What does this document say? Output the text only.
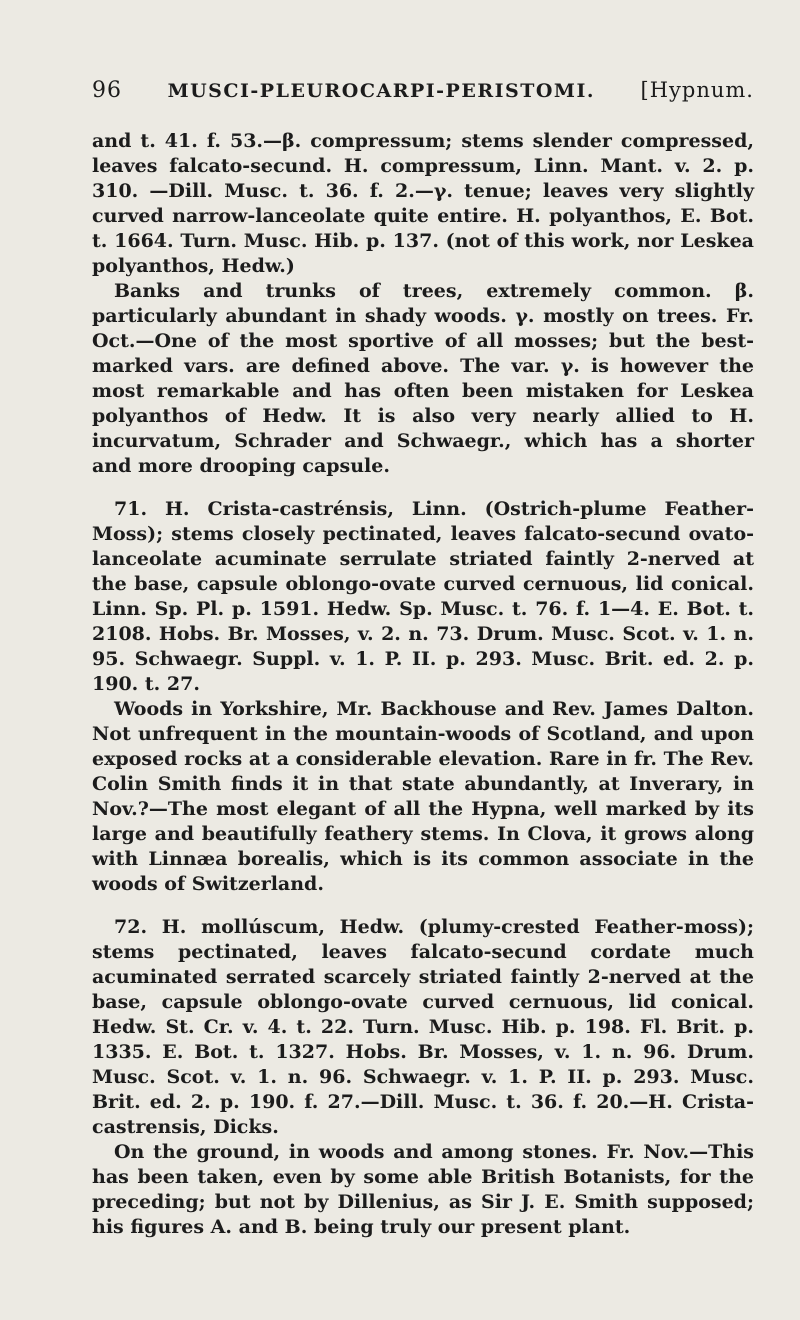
96 MUSCI-PLEUROCARPI-PERISTOMI. [Hypnum.

and t. 41. f. 53.—β. compressum; stems slender compressed, leaves falcato-secund. H. compressum, Linn. Mant. v. 2. p. 310. —Dill. Musc. t. 36. f. 2.—γ. tenue; leaves very slightly curved narrow-lanceolate quite entire. H. polyanthos, E. Bot. t. 1664. Turn. Musc. Hib. p. 137. (not of this work, nor Leskea polyanthos, Hedw.)

Banks and trunks of trees, extremely common. β. particularly abundant in shady woods. γ. mostly on trees. Fr. Oct.—One of the most sportive of all mosses; but the best-marked vars. are defined above. The var. γ. is however the most remarkable and has often been mistaken for Leskea polyanthos of Hedw. It is also very nearly allied to H. incurvatum, Schrader and Schwaegr., which has a shorter and more drooping capsule.

71. H. Crista-castrénsis, Linn. (Ostrich-plume Feather-Moss); stems closely pectinated, leaves falcato-secund ovato-lanceolate acuminate serrulate striated faintly 2-nerved at the base, capsule oblongo-ovate curved cernuous, lid conical. Linn. Sp. Pl. p. 1591. Hedw. Sp. Musc. t. 76. f. 1—4. E. Bot. t. 2108. Hobs. Br. Mosses, v. 2. n. 73. Drum. Musc. Scot. v. 1. n. 95. Schwaegr. Suppl. v. 1. P. II. p. 293. Musc. Brit. ed. 2. p. 190. t. 27.

Woods in Yorkshire, Mr. Backhouse and Rev. James Dalton. Not unfrequent in the mountain-woods of Scotland, and upon exposed rocks at a considerable elevation. Rare in fr. The Rev. Colin Smith finds it in that state abundantly, at Inverary, in Nov.?—The most elegant of all the Hypna, well marked by its large and beautifully feathery stems. In Clova, it grows along with Linnæa borealis, which is its common associate in the woods of Switzerland.

72. H. mollúscum, Hedw. (plumy-crested Feather-moss); stems pectinated, leaves falcato-secund cordate much acuminated serrated scarcely striated faintly 2-nerved at the base, capsule oblongo-ovate curved cernuous, lid conical. Hedw. St. Cr. v. 4. t. 22. Turn. Musc. Hib. p. 198. Fl. Brit. p. 1335. E. Bot. t. 1327. Hobs. Br. Mosses, v. 1. n. 96. Drum. Musc. Scot. v. 1. n. 96. Schwaegr. v. 1. P. II. p. 293. Musc. Brit. ed. 2. p. 190. f. 27.—Dill. Musc. t. 36. f. 20.—H. Crista-castrensis, Dicks.

On the ground, in woods and among stones. Fr. Nov.—This has been taken, even by some able British Botanists, for the preceding; but not by Dillenius, as Sir J. E. Smith supposed; his figures A. and B. being truly our present plant.
